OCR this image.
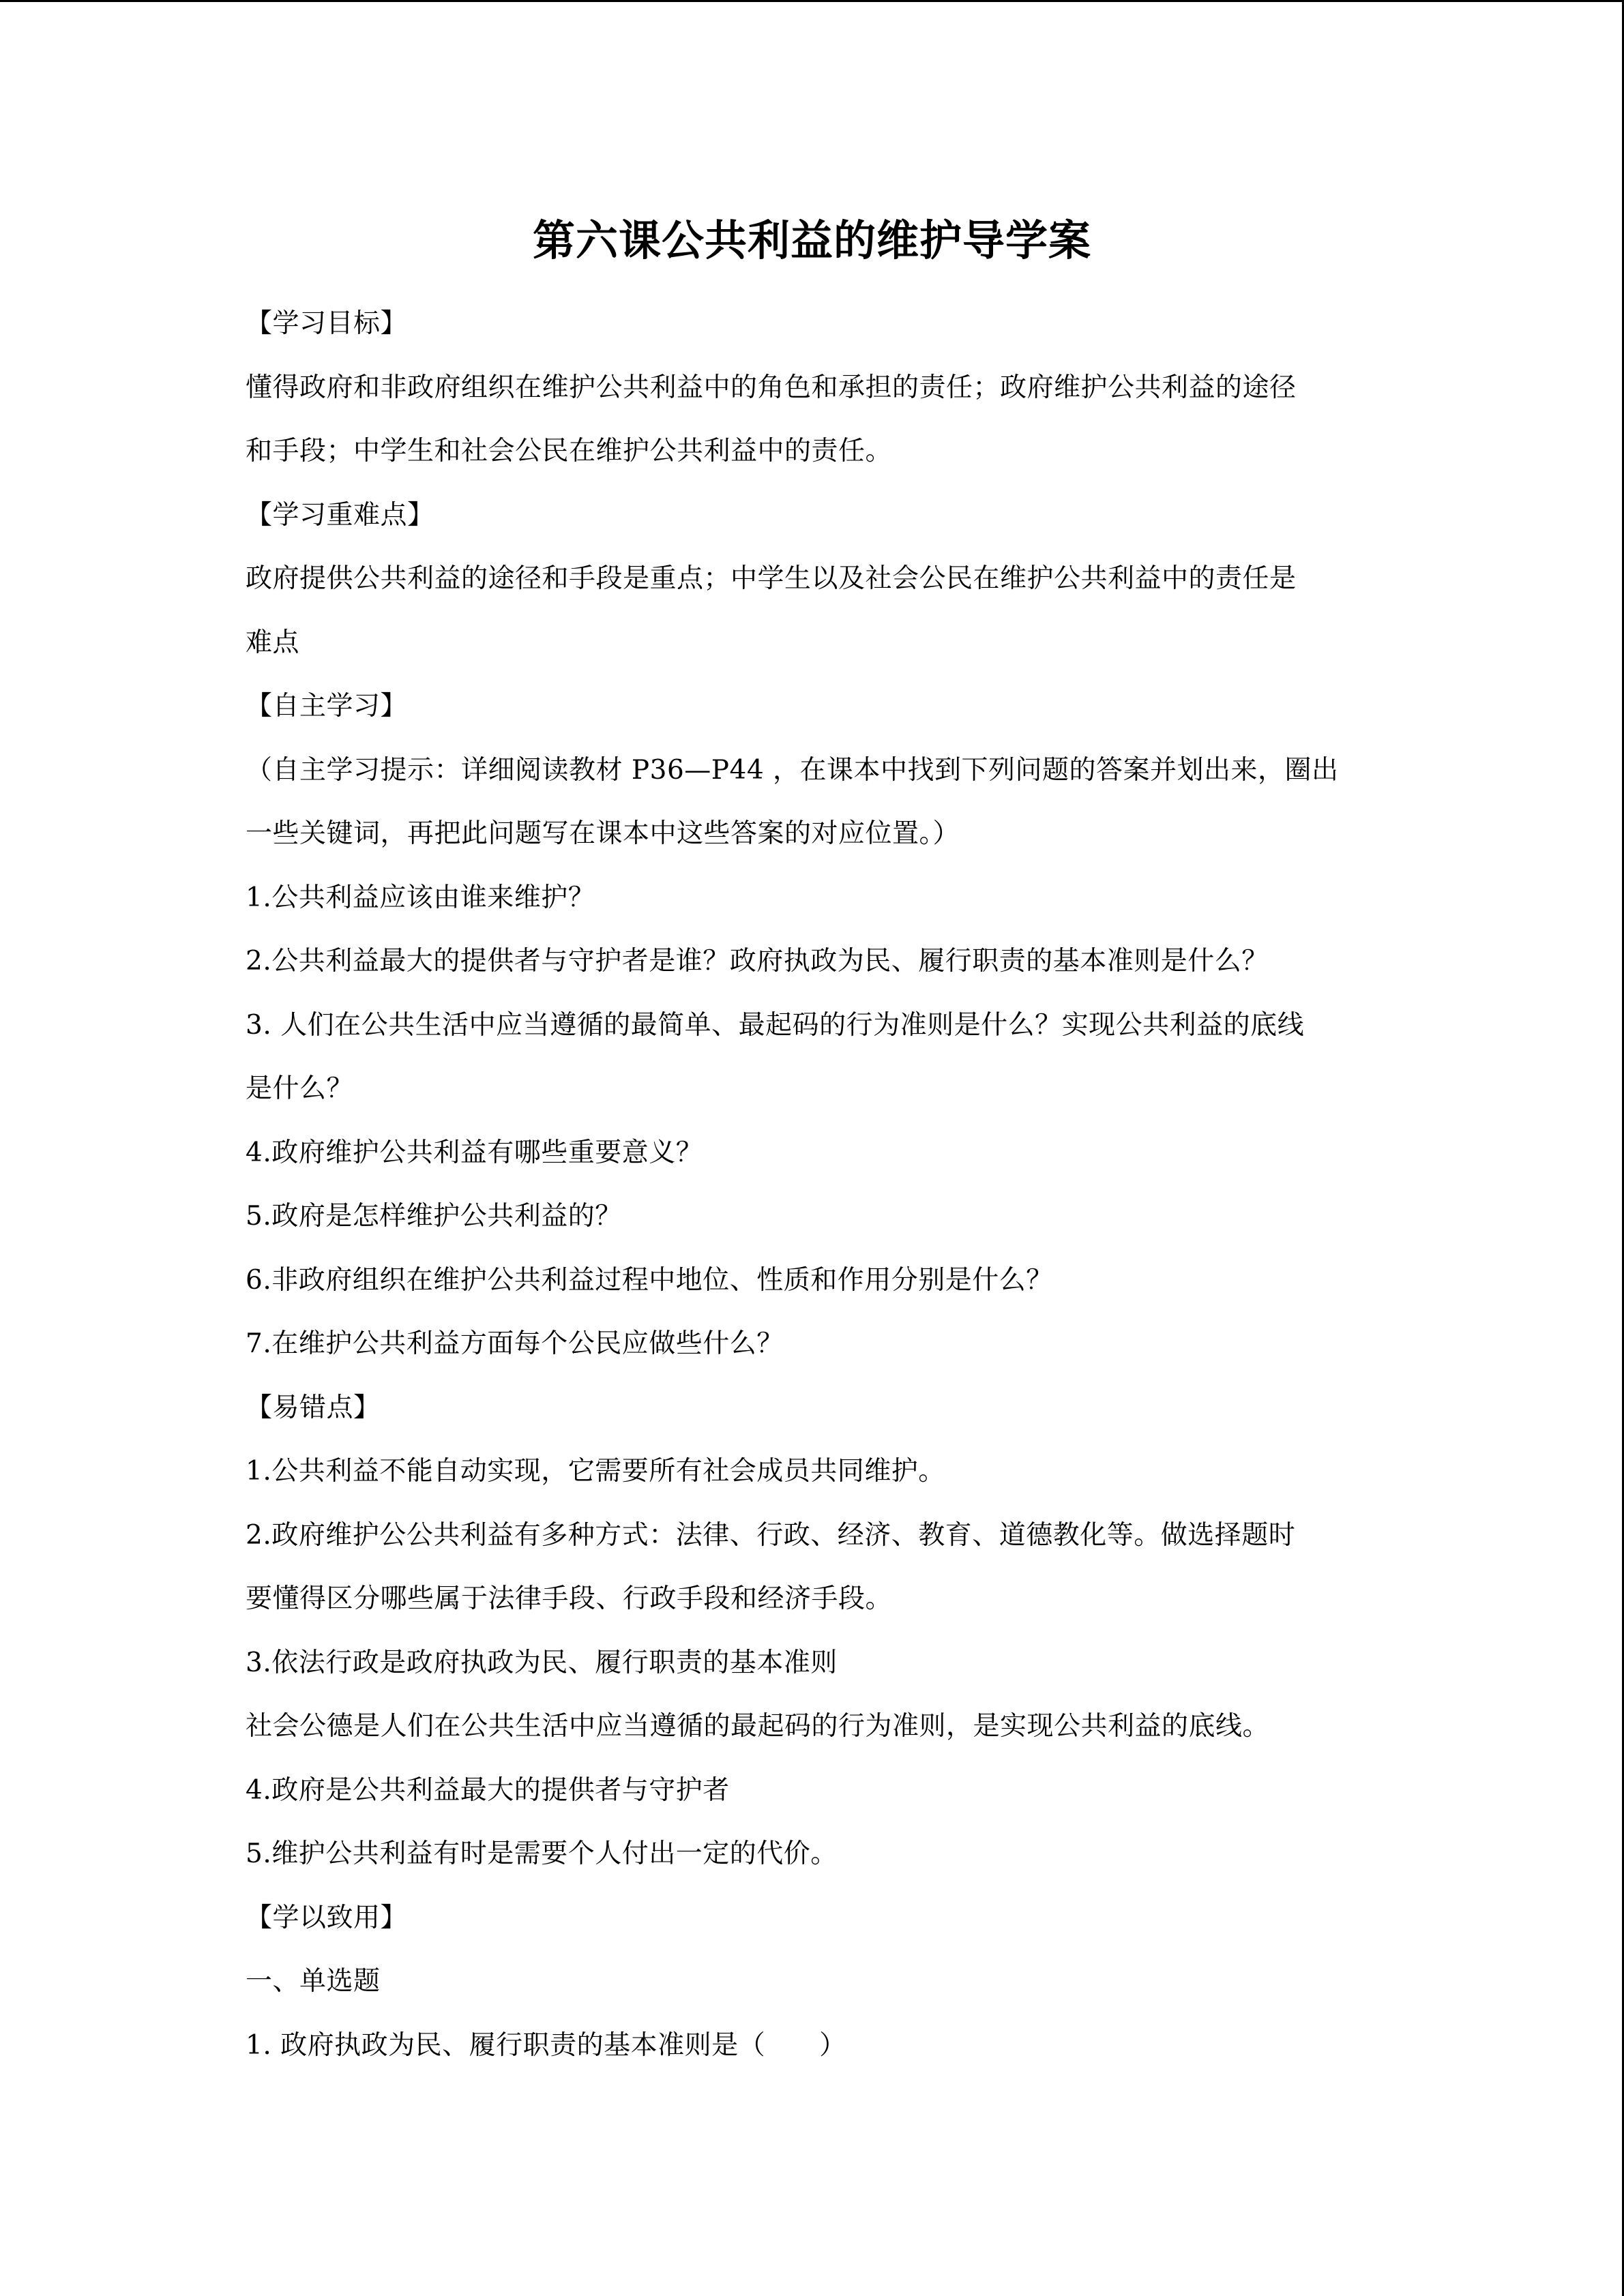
第六课公共利益的维护导学案
【学习目标】
懂得政府和非政府组织在维护公共利益中的角色和承担的责任；政府维护公共利益的途径
和手段；中学生和社会公民在维护公共利益中的责任。
【学习重难点】
政府提供公共利益的途径和手段是重点；中学生以及社会公民在维护公共利益中的责任是
难点
【自主学习】
（自主学习提示：详细阅读教材 P36—P44 ，在课本中找到下列问题的答案并划出来，圈出
一些关键词，再把此问题写在课本中这些答案的对应位置。）
1.公共利益应该由谁来维护？
2.公共利益最大的提供者与守护者是谁？政府执政为民、履行职责的基本准则是什么？
3. 人们在公共生活中应当遵循的最简单、最起码的行为准则是什么？实现公共利益的底线
是什么？
4.政府维护公共利益有哪些重要意义？
5.政府是怎样维护公共利益的？
6.非政府组织在维护公共利益过程中地位、性质和作用分别是什么？
7.在维护公共利益方面每个公民应做些什么？
【易错点】
1.公共利益不能自动实现，它需要所有社会成员共同维护。
2.政府维护公公共利益有多种方式：法律、行政、经济、教育、道德教化等。做选择题时
要懂得区分哪些属于法律手段、行政手段和经济手段。
3.依法行政是政府执政为民、履行职责的基本准则
社会公德是人们在公共生活中应当遵循的最起码的行为准则，是实现公共利益的底线。
4.政府是公共利益最大的提供者与守护者
5.维护公共利益有时是需要个人付出一定的代价。
【学以致用】
一、单选题
1. 政府执政为民、履行职责的基本准则是（　　）
